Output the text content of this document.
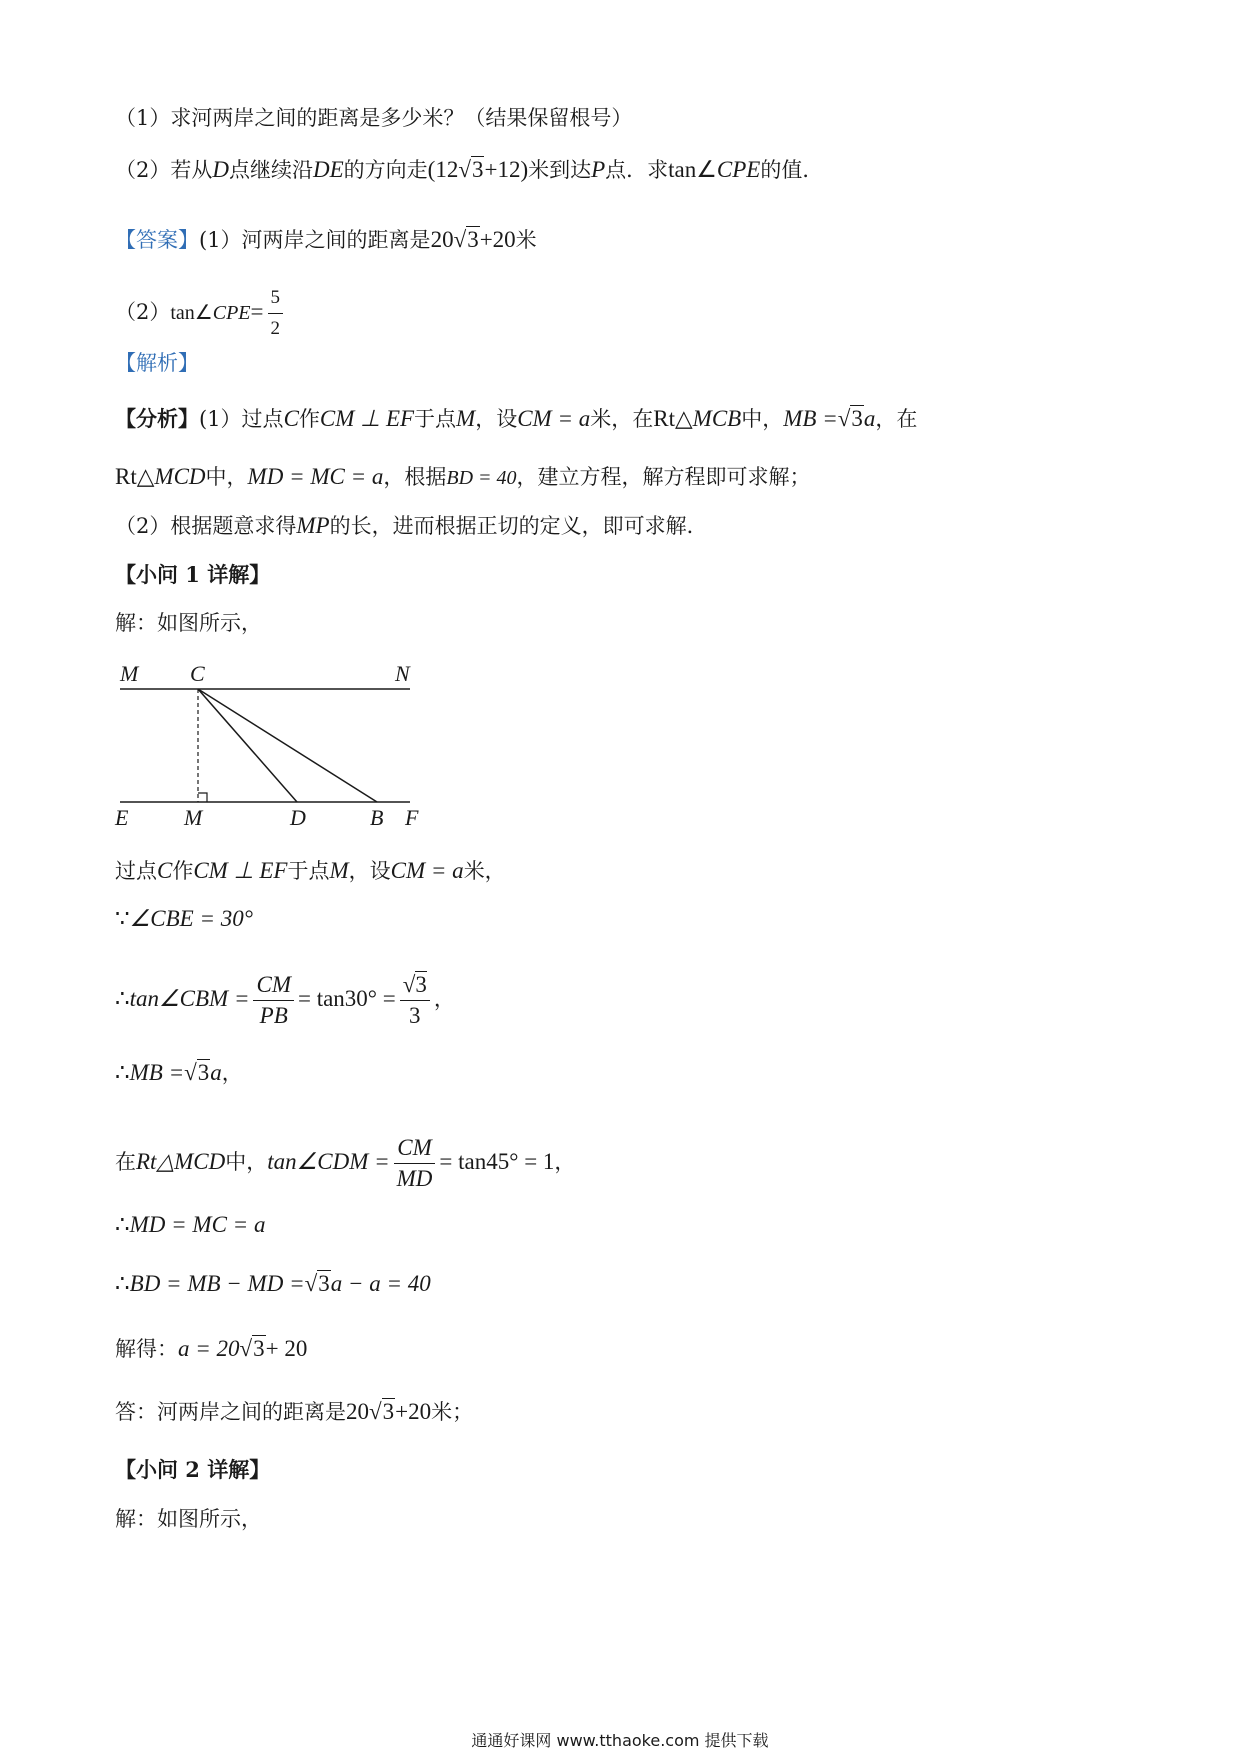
（1）求河两岸之间的距离是多少米？（结果保留根号）
（2）若从D点继续沿DE的方向走(12√3+12)米到达P点．求tan∠CPE的值．
【答案】(1）河两岸之间的距离是20√3+20米
（2）tan∠CPE= $\frac{5}{2}$
【解析】
【分析】(1）过点C作CM ⊥ EF于点M，设CM = a米，在Rt△MCB中，MB =√3a，在
Rt△MCD中，MD = MC = a，根据BD = 40，建立方程，解方程即可求解；
（2）根据题意求得MP的长，进而根据正切的定义，即可求解．
【小问 1 详解】
解：如图所示，
M C	N
E	M	D	B F
过点C作CM ⊥ EF于点M，设CM = a米，
∵∠CBE = 30°
∴tan∠CBM = $\frac{CM}{PB} = \tan 30^\circ = \frac{√3}{3}$ ，
∴MB =√3a，
在Rt△MCD中，tan∠CDM = $\frac{CM}{MD} = \tan 45^\circ = 1$，
∴MD = MC = a
∴BD = MB − MD =√3a − a = 40
解得：a = 20√3+ 20
答：河两岸之间的距离是20√3+20米；
【小问 2 详解】
解：如图所示，
通通好课网 www.tthaoke.com 提供下载
